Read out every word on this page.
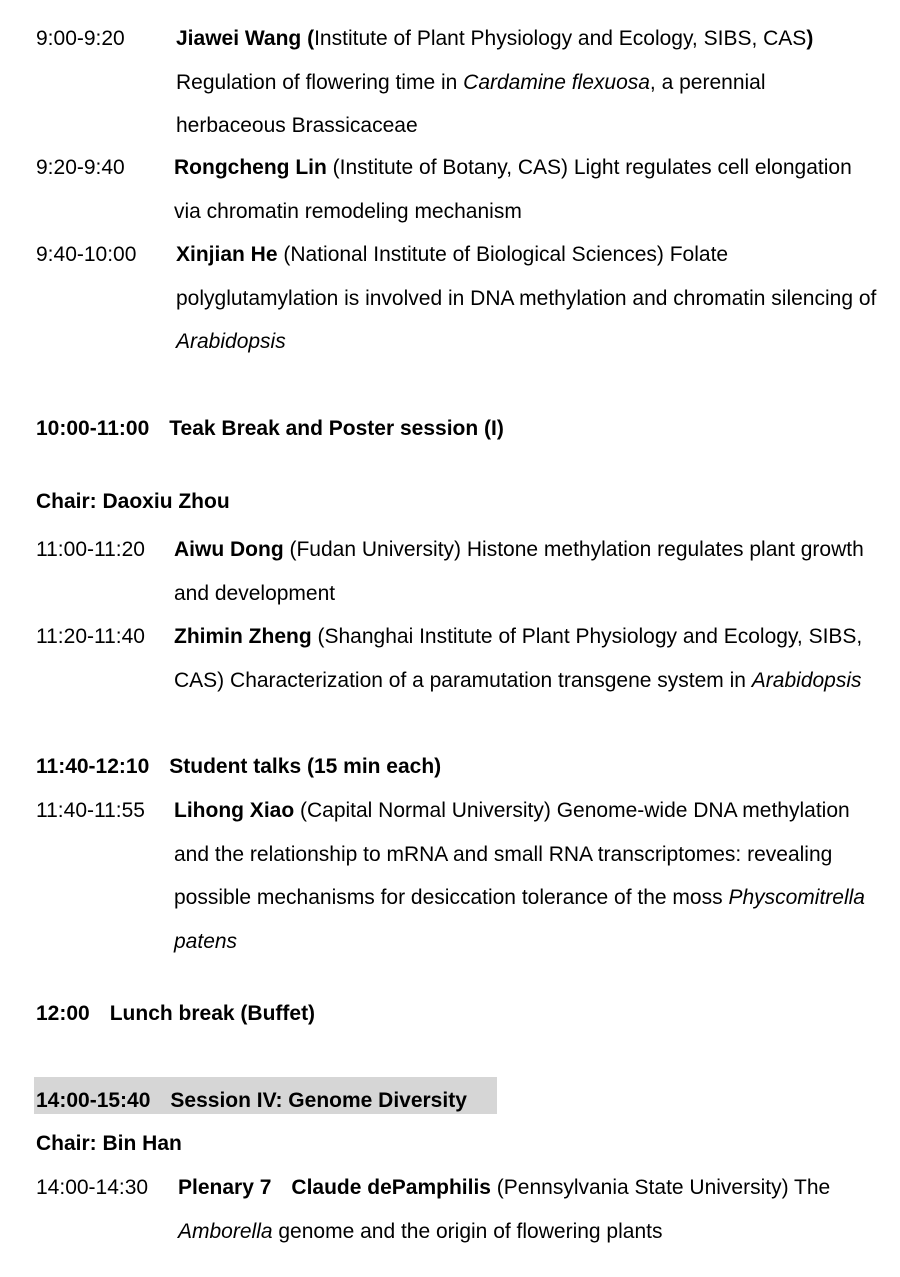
9:00-9:20 Jiawei Wang (Institute of Plant Physiology and Ecology, SIBS, CAS) Regulation of flowering time in Cardamine flexuosa, a perennial herbaceous Brassicaceae
9:20-9:40 Rongcheng Lin (Institute of Botany, CAS) Light regulates cell elongation via chromatin remodeling mechanism
9:40-10:00 Xinjian He (National Institute of Biological Sciences) Folate polyglutamylation is involved in DNA methylation and chromatin silencing of Arabidopsis
10:00-11:00 Teak Break and Poster session (I)
Chair: Daoxiu Zhou
11:00-11:20 Aiwu Dong (Fudan University) Histone methylation regulates plant growth and development
11:20-11:40 Zhimin Zheng (Shanghai Institute of Plant Physiology and Ecology, SIBS, CAS) Characterization of a paramutation transgene system in Arabidopsis
11:40-12:10 Student talks (15 min each)
11:40-11:55 Lihong Xiao (Capital Normal University) Genome-wide DNA methylation and the relationship to mRNA and small RNA transcriptomes: revealing possible mechanisms for desiccation tolerance of the moss Physcomitrella patens
12:00 Lunch break (Buffet)
14:00-15:40 Session IV: Genome Diversity
Chair: Bin Han
14:00-14:30 Plenary 7 Claude dePamphilis (Pennsylvania State University) The Amborella genome and the origin of flowering plants
